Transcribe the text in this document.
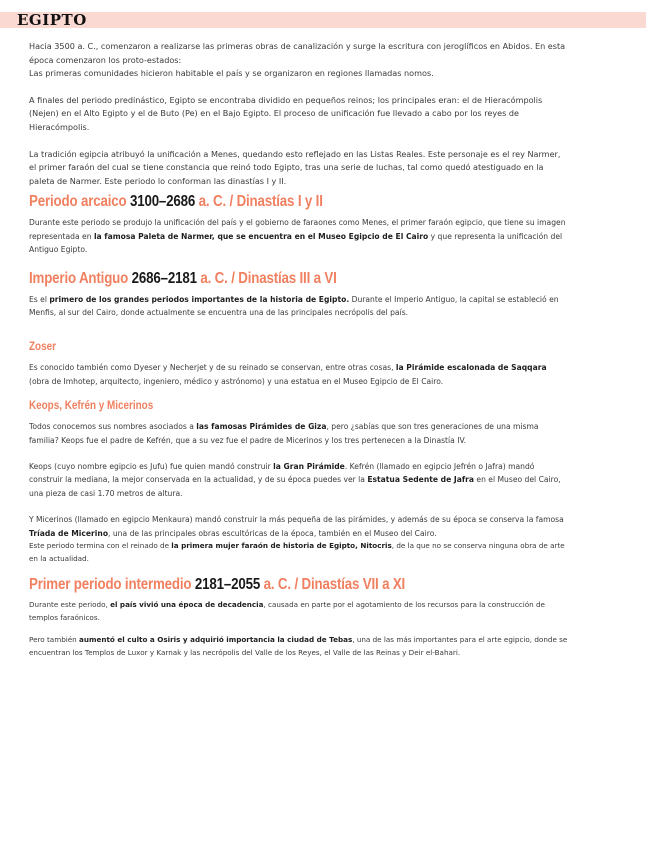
EGIPTO

Hacia 3500 a. C., comenzaron a realizarse las primeras obras de canalización y surge la escritura con jeroglíficos en Abidos. En esta época comenzaron los proto-estados:
Las primeras comunidades hicieron habitable el país y se organizaron en regiones llamadas nomos.

A finales del periodo predinástico, Egipto se encontraba dividido en pequeños reinos; los principales eran: el de Hieracómpolis (Nejen) en el Alto Egipto y el de Buto (Pe) en el Bajo Egipto. El proceso de unificación fue llevado a cabo por los reyes de Hieracómpolis.

La tradición egipcia atribuyó la unificación a Menes, quedando esto reflejado en las Listas Reales. Este personaje es el rey Narmer, el primer faraón del cual se tiene constancia que reinó todo Egipto, tras una serie de luchas, tal como quedó atestiguado en la paleta de Narmer. Este periodo lo conforman las dinastías I y II.

Periodo arcaico 3100–2686 a. C. / Dinastías I y II

Durante este periodo se produjo la unificación del país y el gobierno de faraones como Menes, el primer faraón egipcio, que tiene su imagen representada en la famosa Paleta de Narmer, que se encuentra en el Museo Egipcio de El Cairo y que representa la unificación del Antiguo Egipto.

Imperio Antiguo 2686–2181 a. C. / Dinastías III a VI

Es el primero de los grandes periodos importantes de la historia de Egipto. Durante el Imperio Antiguo, la capital se estableció en Menfis, al sur del Cairo, donde actualmente se encuentra una de las principales necrópolis del país.

Zoser

Es conocido también como Dyeser y Necherjet y de su reinado se conservan, entre otras cosas, la Pirámide escalonada de Saqqara (obra de Imhotep, arquitecto, ingeniero, médico y astrónomo) y una estatua en el Museo Egipcio de El Cairo.

Keops, Kefrén y Micerinos

Todos conocemos sus nombres asociados a las famosas Pirámides de Giza, pero ¿sabías que son tres generaciones de una misma familia? Keops fue el padre de Kefrén, que a su vez fue el padre de Micerinos y los tres pertenecen a la Dinastía IV.

Keops (cuyo nombre egipcio es Jufu) fue quien mandó construir la Gran Pirámide. Kefrén (llamado en egipcio Jefrén o Jafra) mandó construir la mediana, la mejor conservada en la actualidad, y de su época puedes ver la Estatua Sedente de Jafra en el Museo del Cairo, una pieza de casi 1.70 metros de altura.

Y Micerinos (llamado en egipcio Menkaura) mandó construir la más pequeña de las pirámides, y además de su época se conserva la famosa Tríada de Micerino, una de las principales obras escultóricas de la época, también en el Museo del Cairo.

Este periodo termina con el reinado de la primera mujer faraón de historia de Egipto, Nitocris, de la que no se conserva ninguna obra de arte en la actualidad.

Primer periodo intermedio 2181–2055 a. C. / Dinastías VII a XI

Durante este periodo, el país vivió una época de decadencia, causada en parte por el agotamiento de los recursos para la construcción de templos faraónicos.

Pero también aumentó el culto a Osiris y adquirió importancia la ciudad de Tebas, una de las más importantes para el arte egipcio, donde se encuentran los Templos de Luxor y Karnak y las necrópolis del Valle de los Reyes, el Valle de las Reinas y Deir el-Bahari.
